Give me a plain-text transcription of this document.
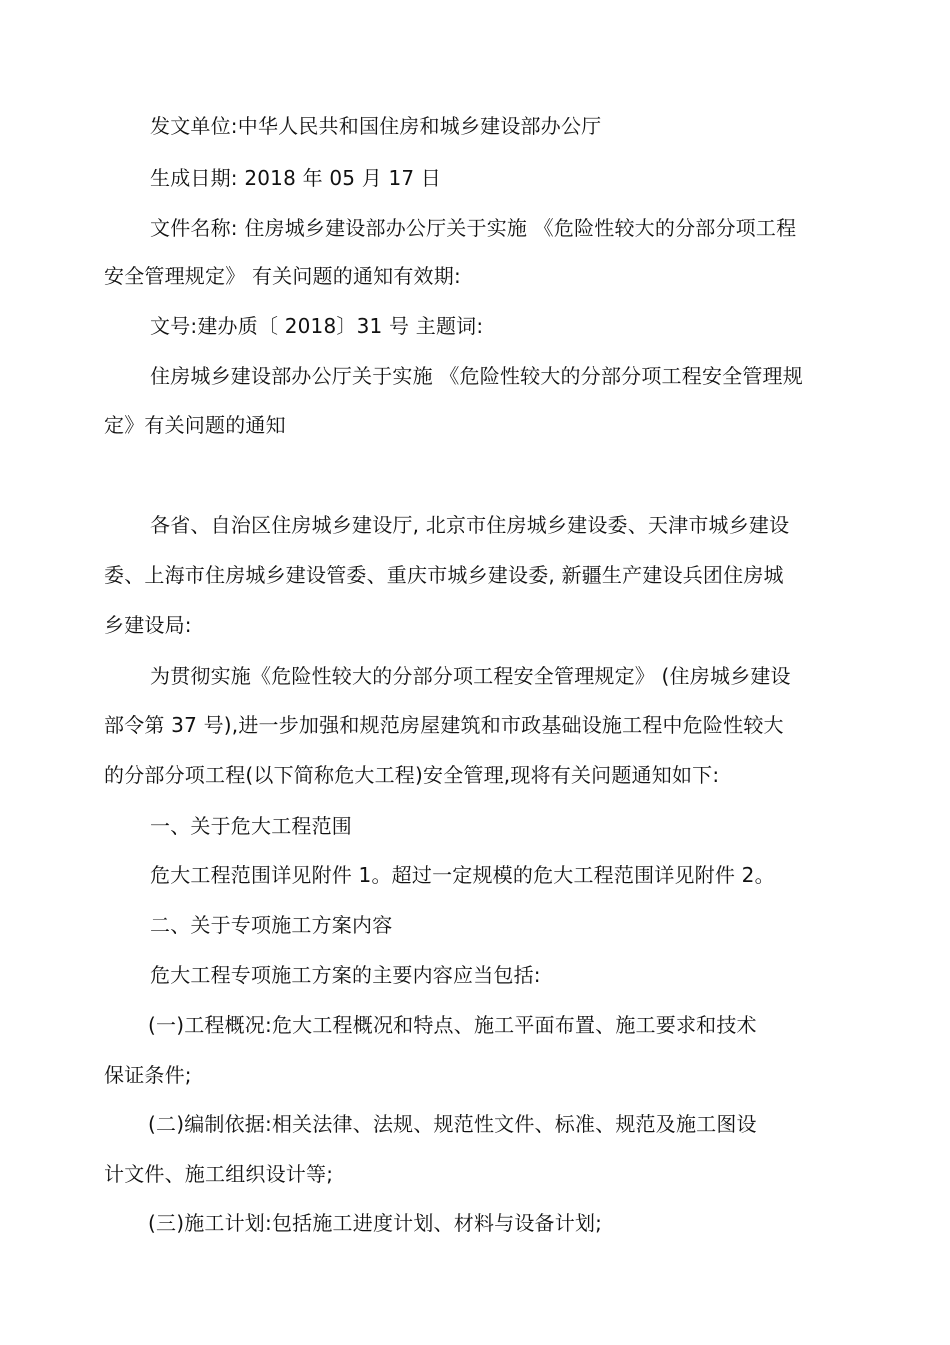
发文单位:中华人民共和国住房和城乡建设部办公厅
生成日期: 2018 年 05 月 17 日
文件名称: 住房城乡建设部办公厅关于实施 《危险性较大的分部分项工程
安全管理规定》 有关问题的通知有效期:
文号:建办质〔 2018〕31 号 主题词:
住房城乡建设部办公厅关于实施 《危险性较大的分部分项工程安全管理规
定》有关问题的通知
各省、自治区住房城乡建设厅, 北京市住房城乡建设委、天津市城乡建设
委、上海市住房城乡建设管委、重庆市城乡建设委, 新疆生产建设兵团住房城
乡建设局:
为贯彻实施《危险性较大的分部分项工程安全管理规定》 (住房城乡建设
部令第 37 号),进一步加强和规范房屋建筑和市政基础设施工程中危险性较大
的分部分项工程(以下简称危大工程)安全管理,现将有关问题通知如下:
一、关于危大工程范围
危大工程范围详见附件 1。超过一定规模的危大工程范围详见附件 2。
二、关于专项施工方案内容
危大工程专项施工方案的主要内容应当包括:
(一)工程概况:危大工程概况和特点、施工平面布置、施工要求和技术
保证条件;
(二)编制依据:相关法律、法规、规范性文件、标准、规范及施工图设
计文件、施工组织设计等;
(三)施工计划:包括施工进度计划、材料与设备计划;
